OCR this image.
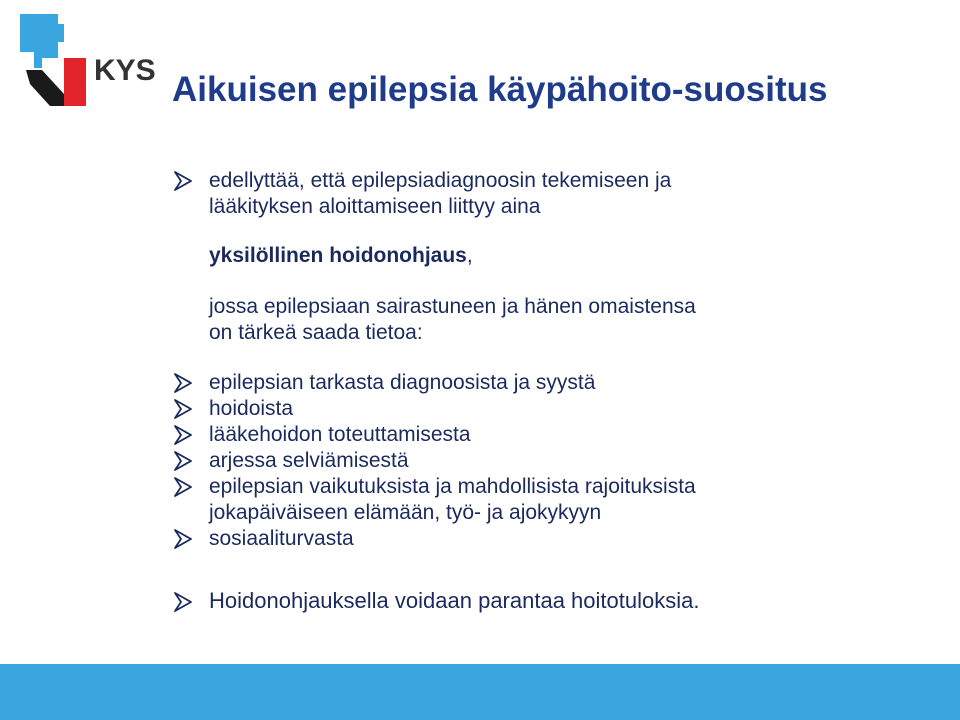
KYS Aikuisen epilepsia käypähoito-suositus
edellyttää, että epilepsiadiagnoosin tekemiseen ja
lääkityksen aloittamiseen liittyy aina
yksilöllinen hoidonohjaus,
jossa epilepsiaan sairastuneen ja hänen omaistensa
on tärkeä saada tietoa:
epilepsian tarkasta diagnoosista ja syystä
hoidoista
lääkehoidon toteuttamisesta
arjessa selviämisestä
epilepsian vaikutuksista ja mahdollisista rajoituksista
jokapäiväiseen elämään, työ- ja ajokykyyn
sosiaaliturvasta
Hoidonohjauksella voidaan parantaa hoitotuloksia.
